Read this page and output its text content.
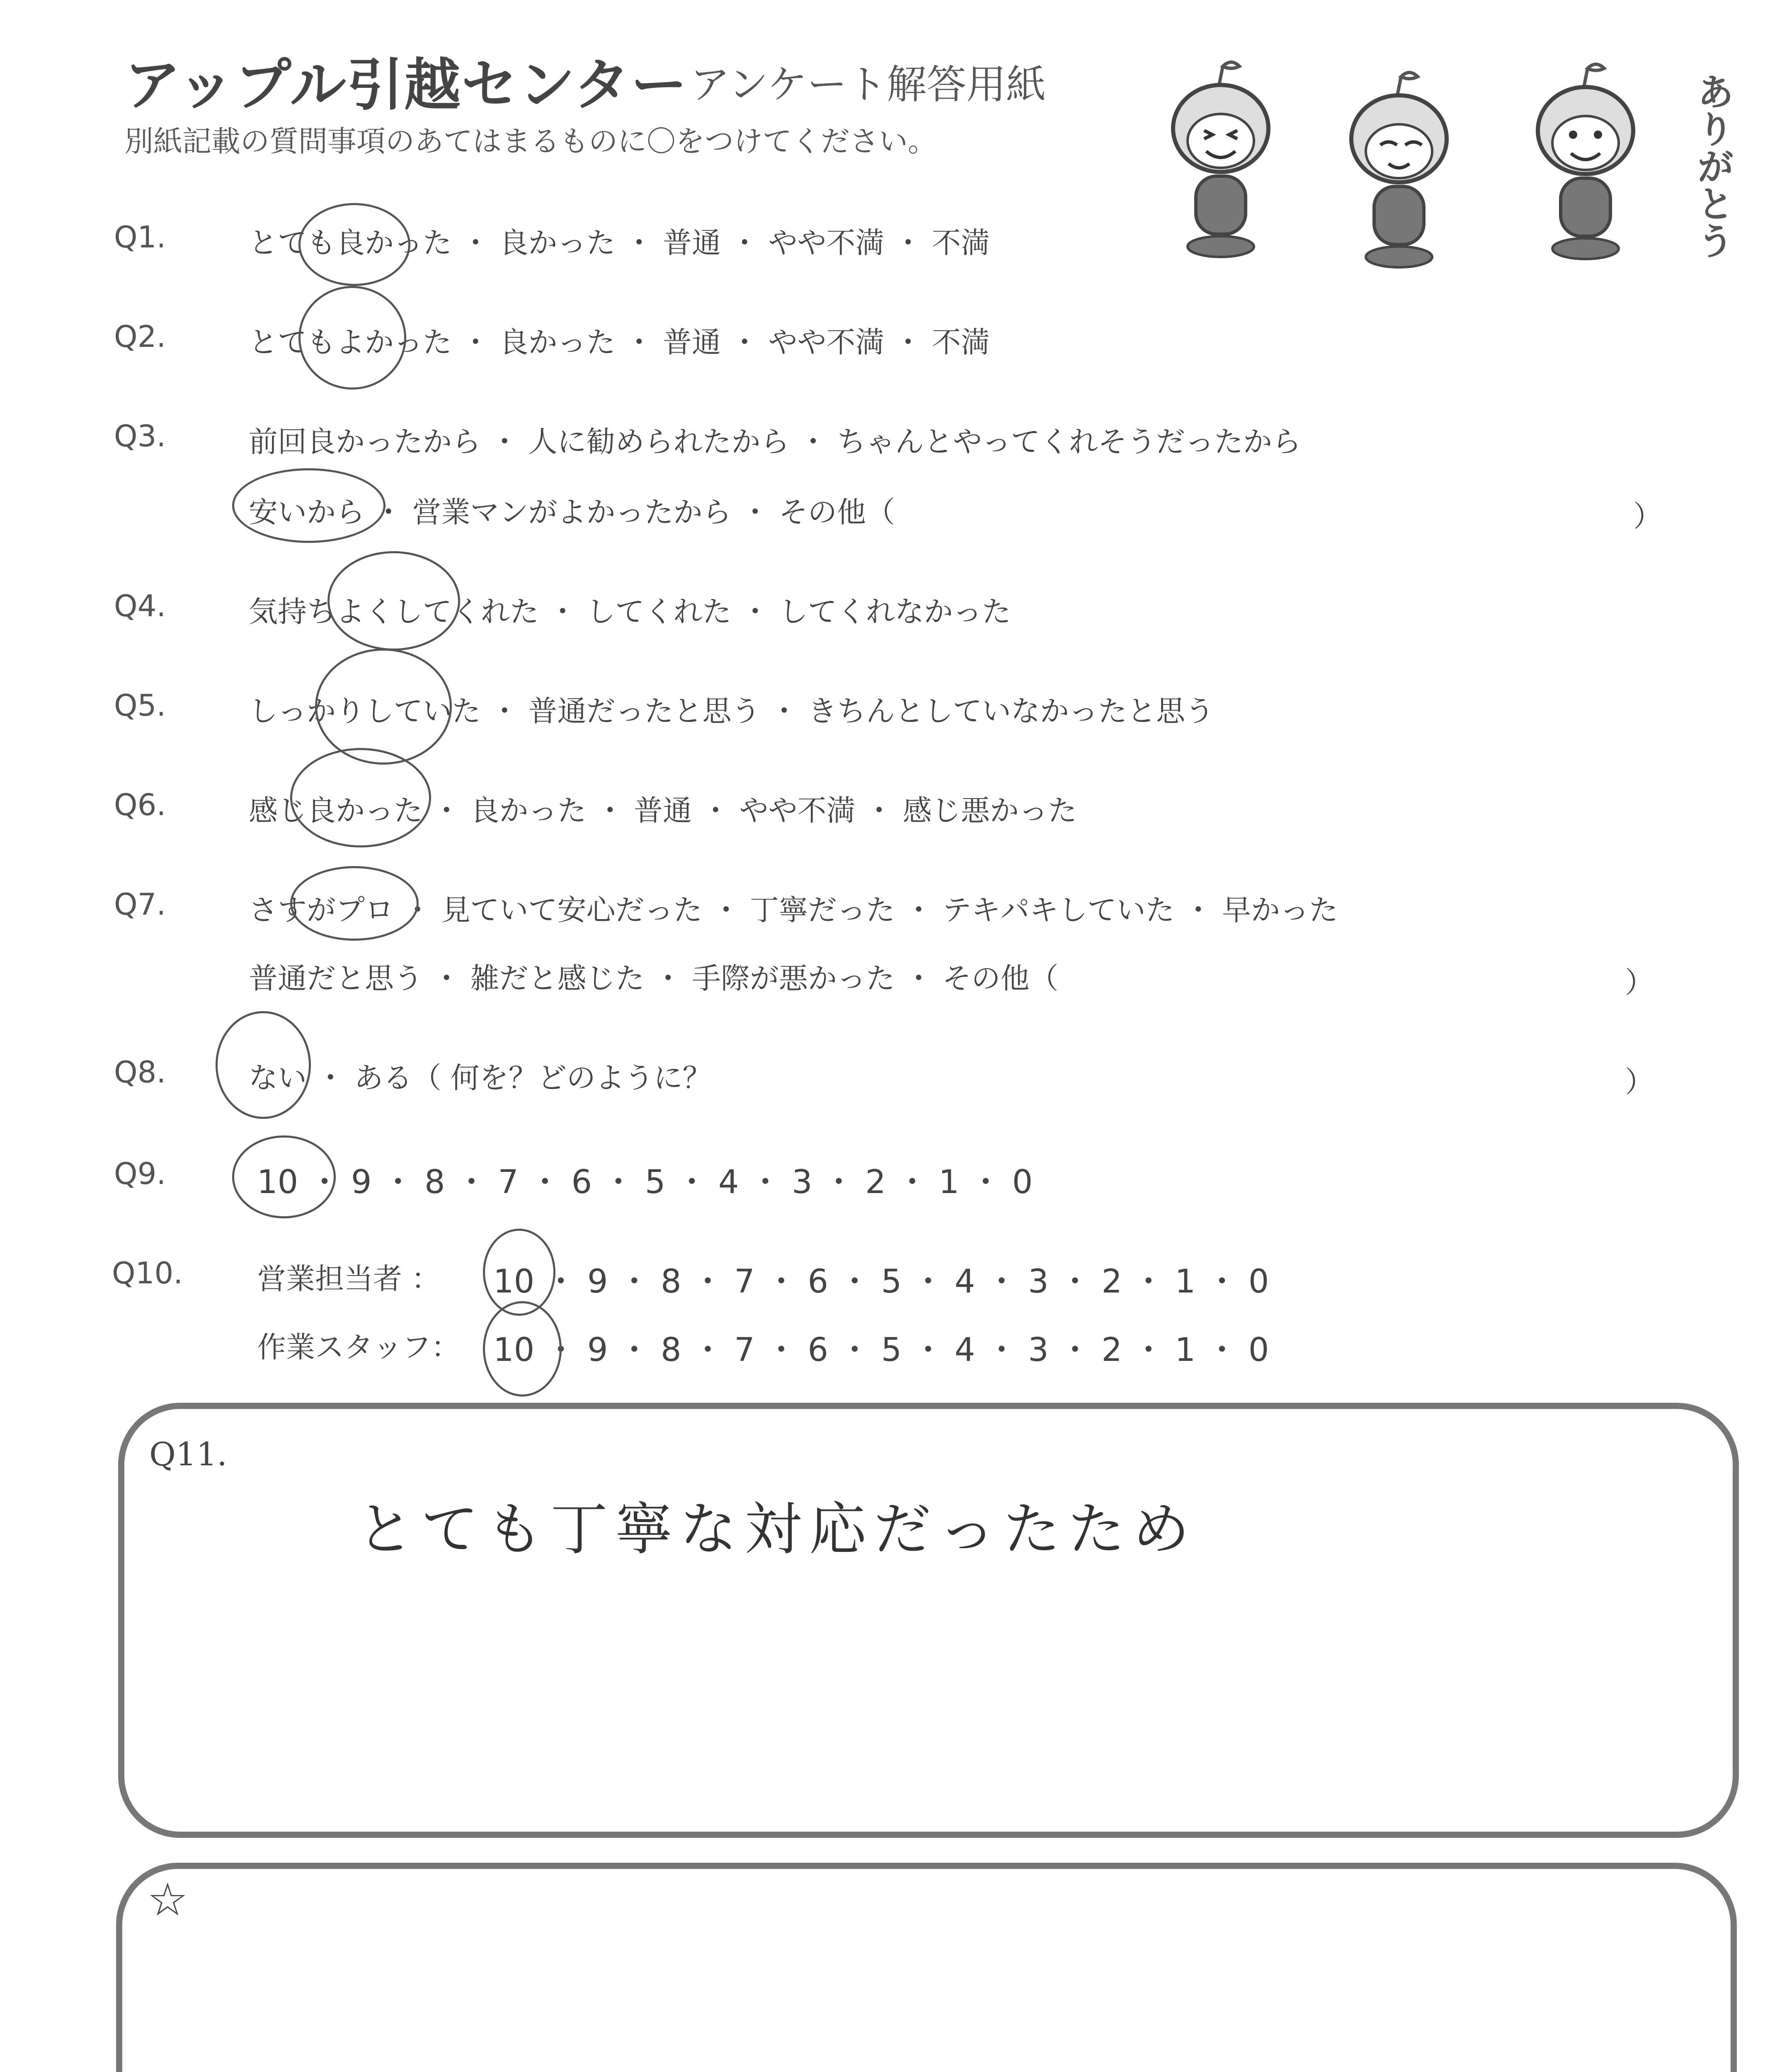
アップル引越センター アンケート解答用紙
別紙記載の質問事項のあてはまるものに〇をつけてください。	ありがとう
Q1.	とても良かった ・ 良かった ・ 普通 ・ やや不満 ・ 不満
Q2.	とてもよかった ・ 良かった ・ 普通 ・ やや不満 ・ 不満
Q3.	前回良かったから ・ 人に勧められたから ・ ちゃんとやってくれそうだったから
安いから ・ 営業マンがよかったから ・ その他（	）
Q4.	気持ちよくしてくれた ・ してくれた ・ してくれなかった
Q5.	しっかりしていた ・ 普通だったと思う ・ きちんとしていなかったと思う
Q6.	感じ良かった ・ 良かった ・ 普通 ・ やや不満 ・ 感じ悪かった
Q7.	さすがプロ ・ 見ていて安心だった ・ 丁寧だった ・ テキパキしていた ・ 早かった
普通だと思う ・ 雑だと感じた ・ 手際が悪かった ・ その他（	）
Q8.	ない ・ ある（ 何を？どのように？	）
Q9.	10 ・ 9 ・ 8 ・ 7 ・ 6 ・ 5 ・ 4 ・ 3 ・ 2 ・ 1 ・ 0
Q10.	営業担当者 ： 10 ・ 9 ・ 8 ・ 7 ・ 6 ・ 5 ・ 4 ・ 3 ・ 2 ・ 1 ・ 0
作業スタッフ： 10 ・ 9 ・ 8 ・ 7 ・ 6 ・ 5 ・ 4 ・ 3 ・ 2 ・ 1 ・ 0
Q11.
とても丁寧な対応だったため
☆
